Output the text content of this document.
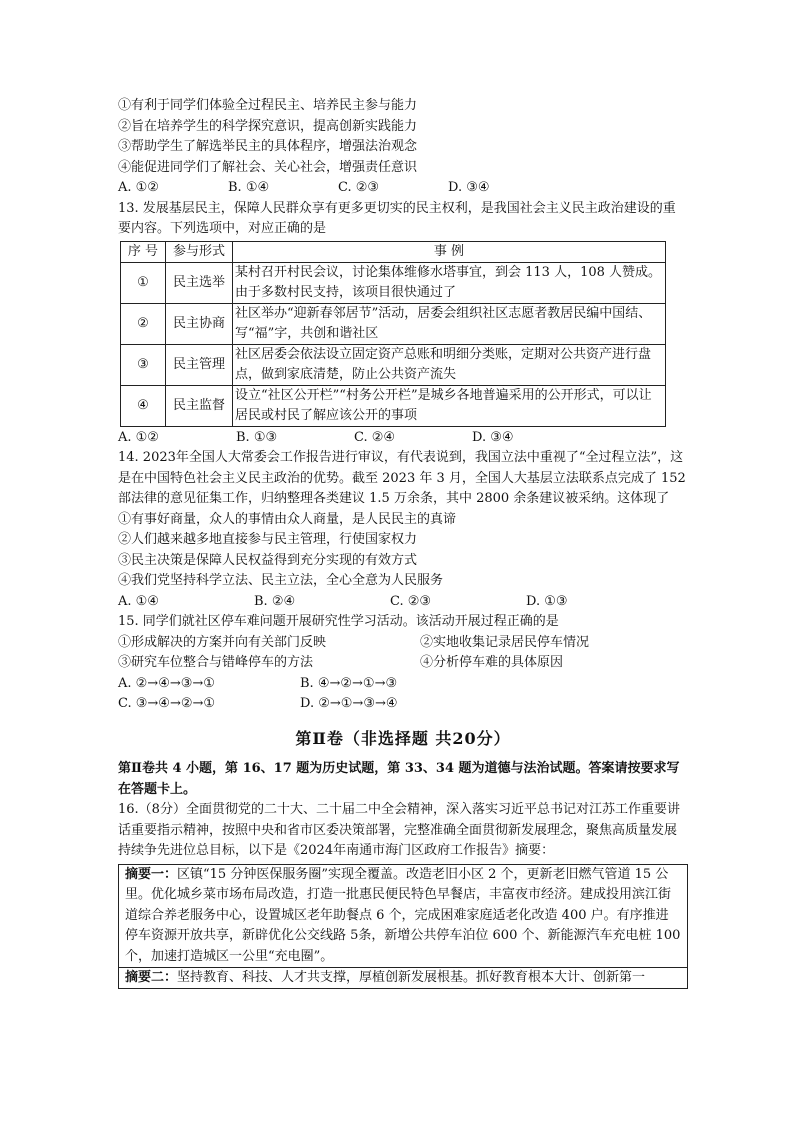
①有利于同学们体验全过程民主、培养民主参与能力
②旨在培养学生的科学探究意识，提高创新实践能力
③帮助学生了解选举民主的具体程序，增强法治观念
④能促进同学们了解社会、关心社会，增强责任意识
A. ①②	B. ①④	C. ②③	D. ③④
13. 发展基层民主，保障人民群众享有更多更切实的民主权利，是我国社会主义民主政治建设的重要内容。下列选项中，对应正确的是
序 号	参与形式	事 例
①	民主选举	某村召开村民会议，讨论集体维修水塔事宜，到会 113 人，108 人赞成。由于多数村民支持，该项目很快通过了
②	民主协商	社区举办“迎新春邻居节”活动，居委会组织社区志愿者教居民编中国结、写“福”字，共创和谐社区
③	民主管理	社区居委会依法设立固定资产总账和明细分类账，定期对公共资产进行盘点，做到家底清楚，防止公共资产流失
④	民主监督	设立“社区公开栏”“村务公开栏”是城乡各地普遍采用的公开形式，可以让居民或村民了解应该公开的事项
A. ①②	B. ①③	C. ②④	D. ③④
14. 2023年全国人大常委会工作报告进行审议，有代表说到，我国立法中重视了“全过程立法”，这是在中国特色社会主义民主政治的优势。截至 2023 年 3 月，全国人大基层立法联系点完成了 152 部法律的意见征集工作，归纳整理各类建议 1.5 万余条，其中 2800 余条建议被采纳。这体现了
①有事好商量，众人的事情由众人商量，是人民民主的真谛
②人们越来越多地直接参与民主管理，行使国家权力
③民主决策是保障人民权益得到充分实现的有效方式
④我们党坚持科学立法、民主立法，全心全意为人民服务
A. ①④	B. ②④	C. ②③	D. ①③
15. 同学们就社区停车难问题开展研究性学习活动。该活动开展过程正确的是
①形成解决的方案并向有关部门反映	②实地收集记录居民停车情况
③研究车位整合与错峰停车的方法	④分析停车难的具体原因
A. ②→④→③→①	B. ④→②→①→③
C. ③→④→②→①	D. ②→①→③→④
第Ⅱ卷（非选择题 共20分）
第Ⅱ卷共 4 小题，第 16、17 题为历史试题，第 33、34 题为道德与法治试题。答案请按要求写在答题卡上。
16.（8分）全面贯彻党的二十大、二十届二中全会精神，深入落实习近平总书记对江苏工作重要讲话重要指示精神，按照中央和省市区委决策部署，完整准确全面贯彻新发展理念，聚焦高质量发展持续争先进位总目标，以下是《2024年南通市海门区政府工作报告》摘要：
摘要一：区镇“15 分钟医保服务圈”实现全覆盖。改造老旧小区 2 个，更新老旧燃气管道 15 公里。优化城乡菜市场布局改造，打造一批惠民便民特色早餐店，丰富夜市经济。建成投用滨江街道综合养老服务中心，设置城区老年助餐点 6 个，完成困难家庭适老化改造 400 户。有序推进停车资源开放共享，新辟优化公交线路 5条，新增公共停车泊位 600 个、新能源汽车充电桩 100 个，加速打造城区一公里“充电圈”。
摘要二：坚持教育、科技、人才共支撑，厚植创新发展根基。抓好教育根本大计、创新第一
